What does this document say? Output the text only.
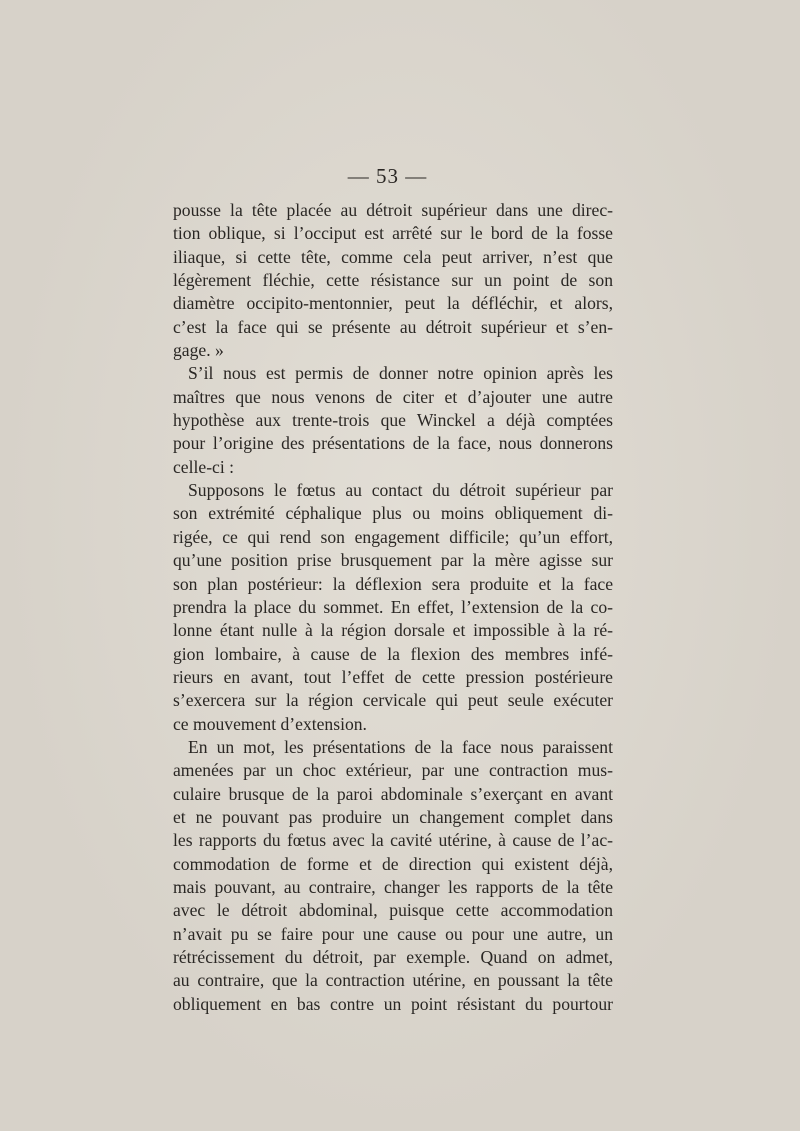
— 53 —
pousse la tête placée au détroit supérieur dans une direc-
tion oblique, si l’occiput est arrêté sur le bord de la fosse
iliaque, si cette tête, comme cela peut arriver, n’est que
légèrement fléchie, cette résistance sur un point de son
diamètre occipito-mentonnier, peut la défléchir, et alors,
c’est la face qui se présente au détroit supérieur et s’en-
gage. »
S’il nous est permis de donner notre opinion après les
maîtres que nous venons de citer et d’ajouter une autre
hypothèse aux trente-trois que Winckel a déjà comptées
pour l’origine des présentations de la face, nous donnerons
celle-ci :
Supposons le fœtus au contact du détroit supérieur par
son extrémité céphalique plus ou moins obliquement di-
rigée, ce qui rend son engagement difficile; qu’un effort,
qu’une position prise brusquement par la mère agisse sur
son plan postérieur: la déflexion sera produite et la face
prendra la place du sommet. En effet, l’extension de la co-
lonne étant nulle à la région dorsale et impossible à la ré-
gion lombaire, à cause de la flexion des membres infé-
rieurs en avant, tout l’effet de cette pression postérieure
s’exercera sur la région cervicale qui peut seule exécuter
ce mouvement d’extension.
En un mot, les présentations de la face nous paraissent
amenées par un choc extérieur, par une contraction mus-
culaire brusque de la paroi abdominale s’exerçant en avant
et ne pouvant pas produire un changement complet dans
les rapports du fœtus avec la cavité utérine, à cause de l’ac-
commodation de forme et de direction qui existent déjà,
mais pouvant, au contraire, changer les rapports de la tête
avec le détroit abdominal, puisque cette accommodation
n’avait pu se faire pour une cause ou pour une autre, un
rétrécissement du détroit, par exemple. Quand on admet,
au contraire, que la contraction utérine, en poussant la tête
obliquement en bas contre un point résistant du pourtour
